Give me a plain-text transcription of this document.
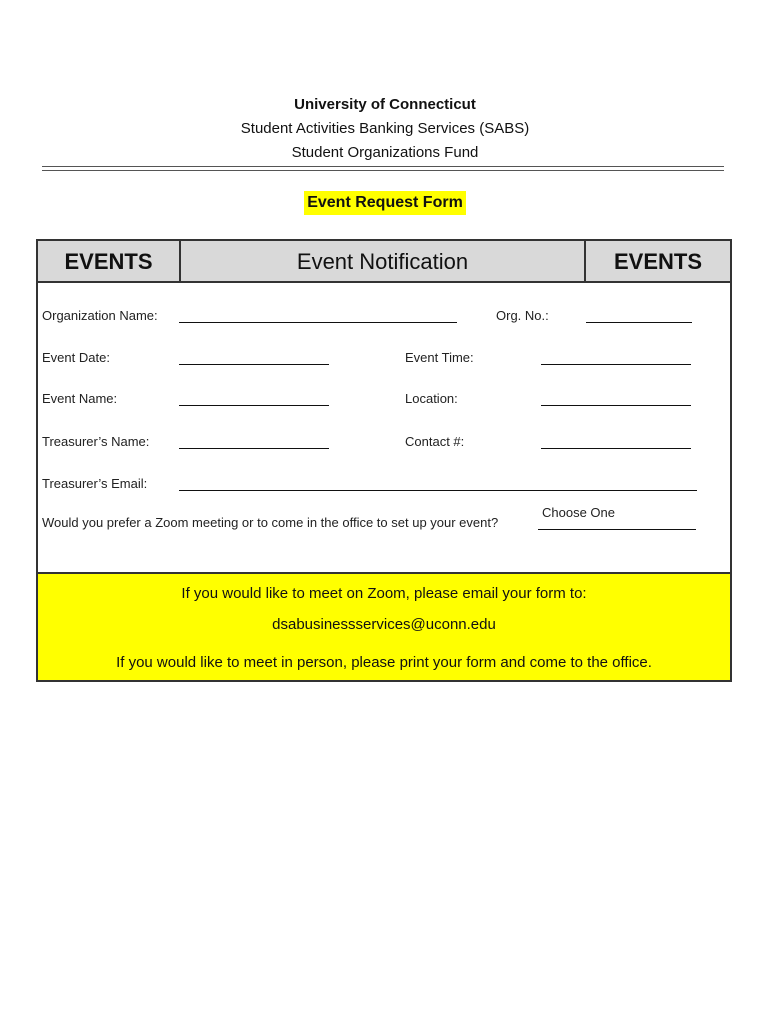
University of Connecticut
Student Activities Banking Services (SABS)
Student Organizations Fund
Event Request Form
EVENTS	Event Notification	EVENTS
Organization Name:	Org. No.:
Event Date:	Event Time:
Event Name:	Location:
Treasurer’s Name:	Contact #:
Treasurer’s Email:
Would you prefer a Zoom meeting or to come in the office to set up your event?
Choose One
If you would like to meet on Zoom, please email your form to:
dsabusinessservices@uconn.edu
If you would like to meet in person, please print your form and come to the office.
